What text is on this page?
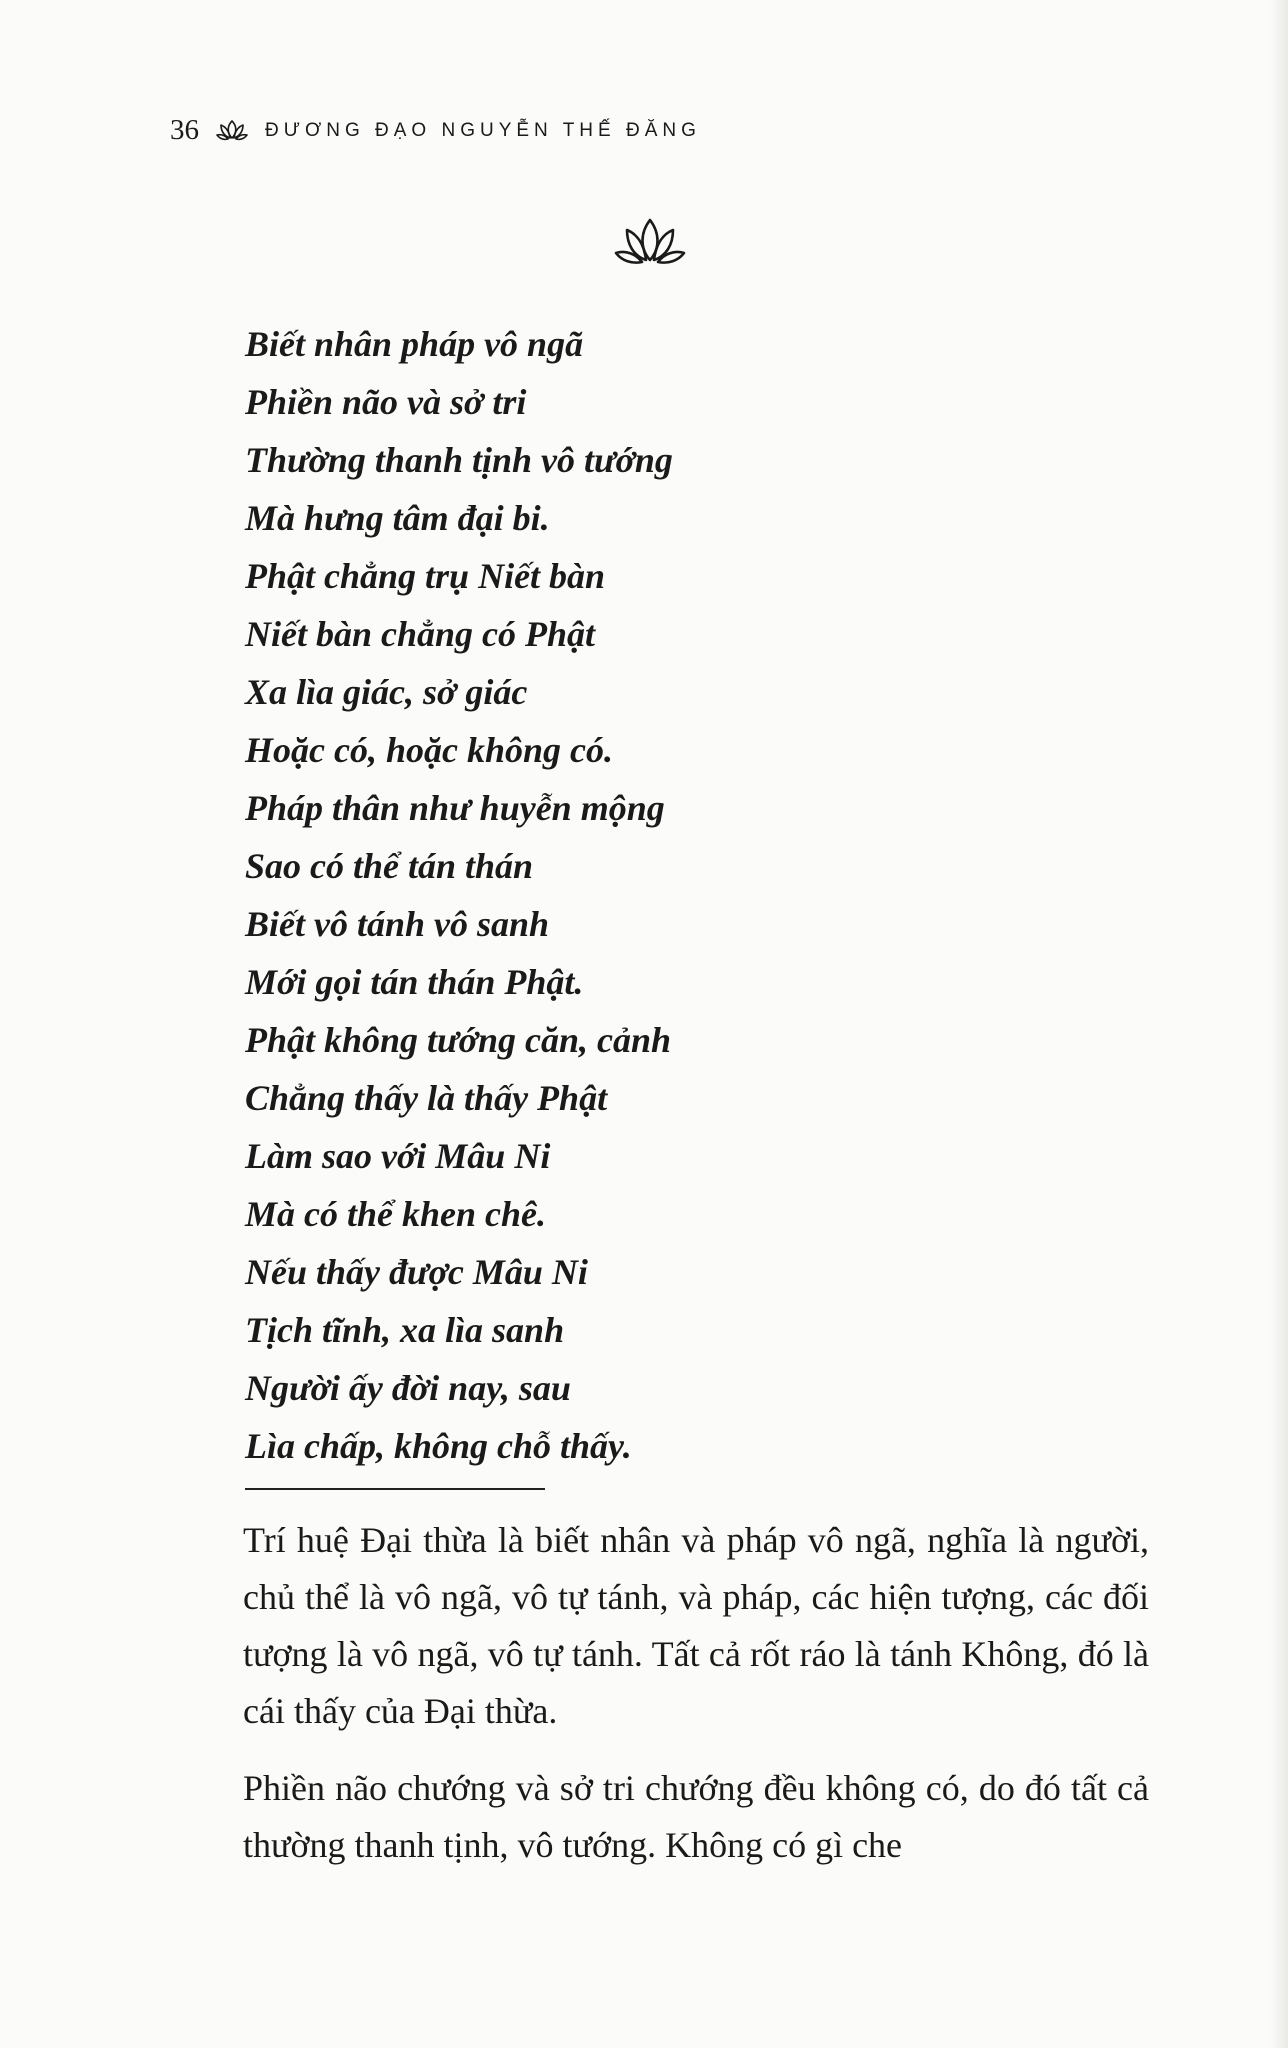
36	ĐƯƠNG ĐẠO NGUYỄN THẾ ĐĂNG
Biết nhân pháp vô ngã
Phiền não và sở tri
Thường thanh tịnh vô tướng
Mà hưng tâm đại bi.
Phật chẳng trụ Niết bàn
Niết bàn chẳng có Phật
Xa lìa giác, sở giác
Hoặc có, hoặc không có.
Pháp thân như huyễn mộng
Sao có thể tán thán
Biết vô tánh vô sanh
Mới gọi tán thán Phật.
Phật không tướng căn, cảnh
Chẳng thấy là thấy Phật
Làm sao với Mâu Ni
Mà có thể khen chê.
Nếu thấy được Mâu Ni
Tịch tĩnh, xa lìa sanh
Người ấy đời nay, sau
Lìa chấp, không chỗ thấy.

Trí huệ Đại thừa là biết nhân và pháp vô ngã, nghĩa là người, chủ thể là vô ngã, vô tự tánh, và pháp, các hiện tượng, các đối tượng là vô ngã, vô tự tánh. Tất cả rốt ráo là tánh Không, đó là cái thấy của Đại thừa.

Phiền não chướng và sở tri chướng đều không có, do đó tất cả thường thanh tịnh, vô tướng. Không có gì che
